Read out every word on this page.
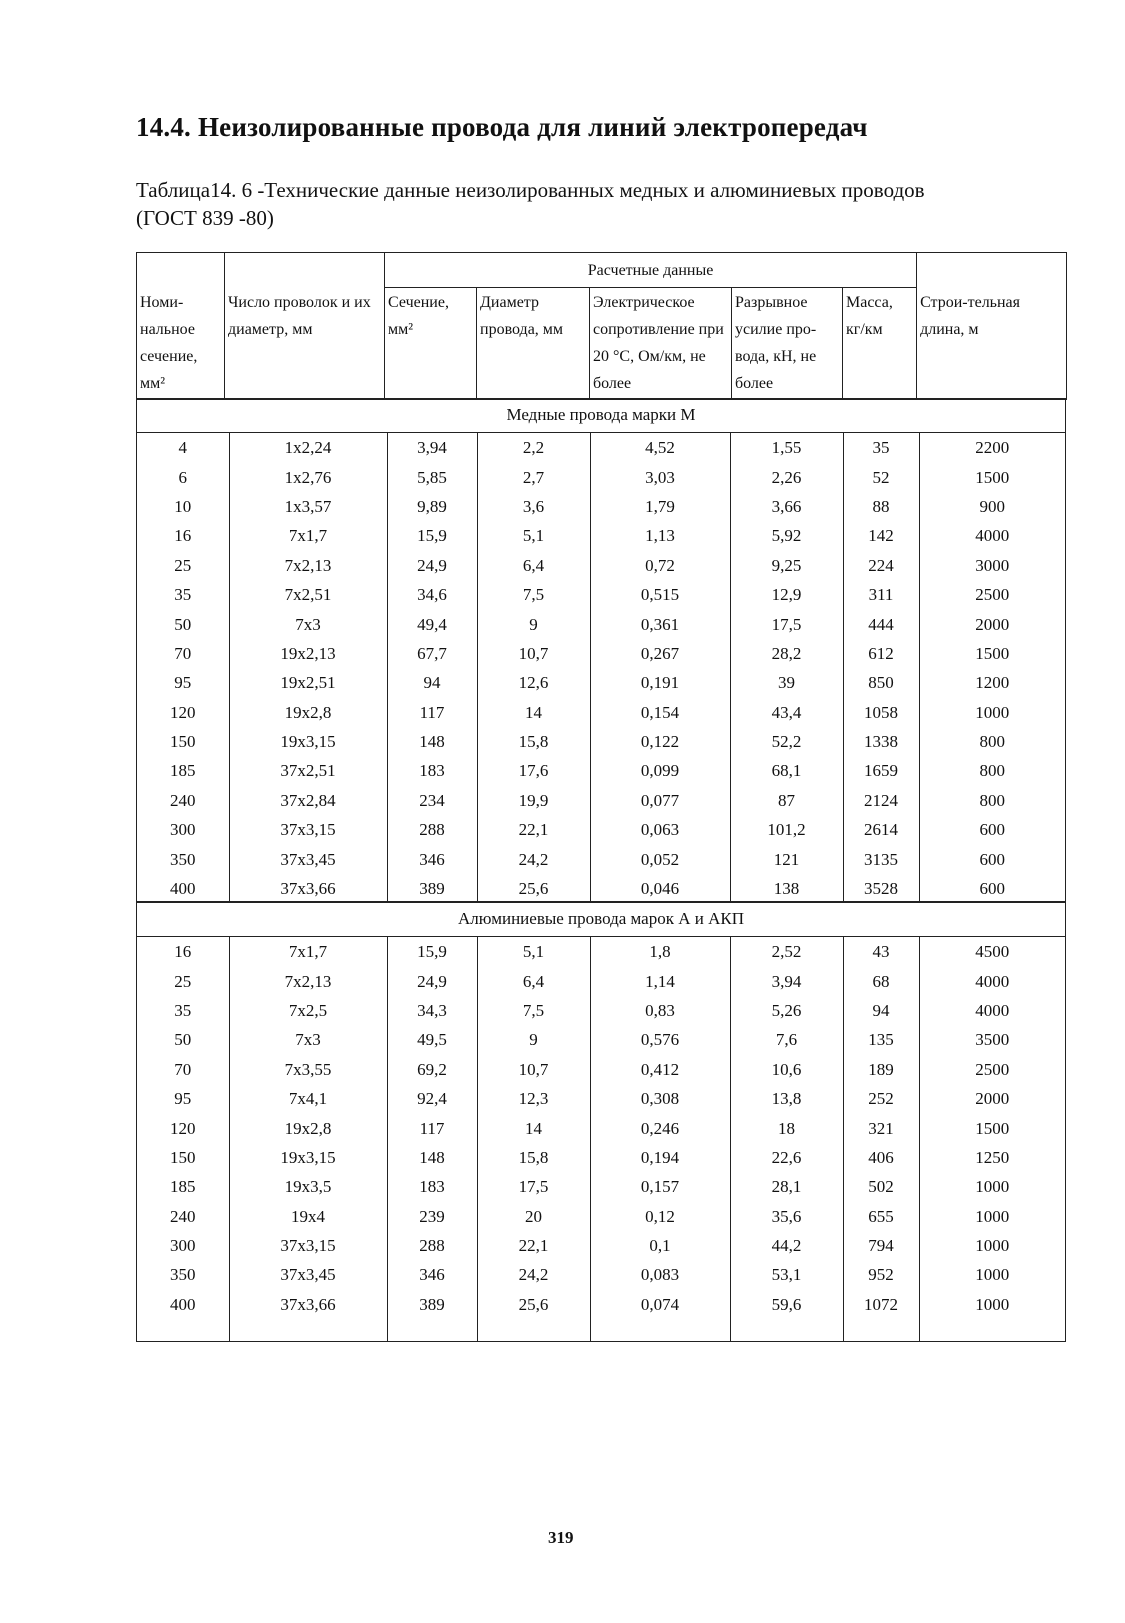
14.4. Неизолированные провода для линий электропередач
Таблица14. 6 -Технические данные неизолированных медных и алюминиевых проводов
(ГОСТ 839 -80)
		Расчетные данные					
Номи-нальное сечение, мм²	Число проволок и их диаметр, мм	Сечение, мм²	Диаметр провода, мм	Электрическое сопротивление при 20 °С, Ом/км, не более	Разрывное усилие про-вода, кН, не более	Масса, кг/км	Строи-тельная длина, м
Медные провода марки М
4	1х2,24	3,94	2,2	4,52	1,55	35	2200
6	1х2,76	5,85	2,7	3,03	2,26	52	1500
10	1х3,57	9,89	3,6	1,79	3,66	88	900
16	7х1,7	15,9	5,1	1,13	5,92	142	4000
25	7х2,13	24,9	6,4	0,72	9,25	224	3000
35	7х2,51	34,6	7,5	0,515	12,9	311	2500
50	7х3	49,4	9	0,361	17,5	444	2000
70	19х2,13	67,7	10,7	0,267	28,2	612	1500
95	19х2,51	94	12,6	0,191	39	850	1200
120	19х2,8	117	14	0,154	43,4	1058	1000
150	19х3,15	148	15,8	0,122	52,2	1338	800
185	37х2,51	183	17,6	0,099	68,1	1659	800
240	37х2,84	234	19,9	0,077	87	2124	800
300	37х3,15	288	22,1	0,063	101,2	2614	600
350	37х3,45	346	24,2	0,052	121	3135	600
400	37х3,66	389	25,6	0,046	138	3528	600

Алюминиевые провода марок А и АКП
16	7х1,7	15,9	5,1	1,8	2,52	43	4500
25	7х2,13	24,9	6,4	1,14	3,94	68	4000
35	7х2,5	34,3	7,5	0,83	5,26	94	4000
50	7х3	49,5	9	0,576	7,6	135	3500
70	7х3,55	69,2	10,7	0,412	10,6	189	2500
95	7х4,1	92,4	12,3	0,308	13,8	252	2000
120	19х2,8	117	14	0,246	18	321	1500
150	19х3,15	148	15,8	0,194	22,6	406	1250
185	19х3,5	183	17,5	0,157	28,1	502	1000
240	19х4	239	20	0,12	35,6	655	1000
300	37х3,15	288	22,1	0,1	44,2	794	1000
350	37х3,45	346	24,2	0,083	53,1	952	1000
400	37х3,66	389	25,6	0,074	59,6	1072	1000

319
